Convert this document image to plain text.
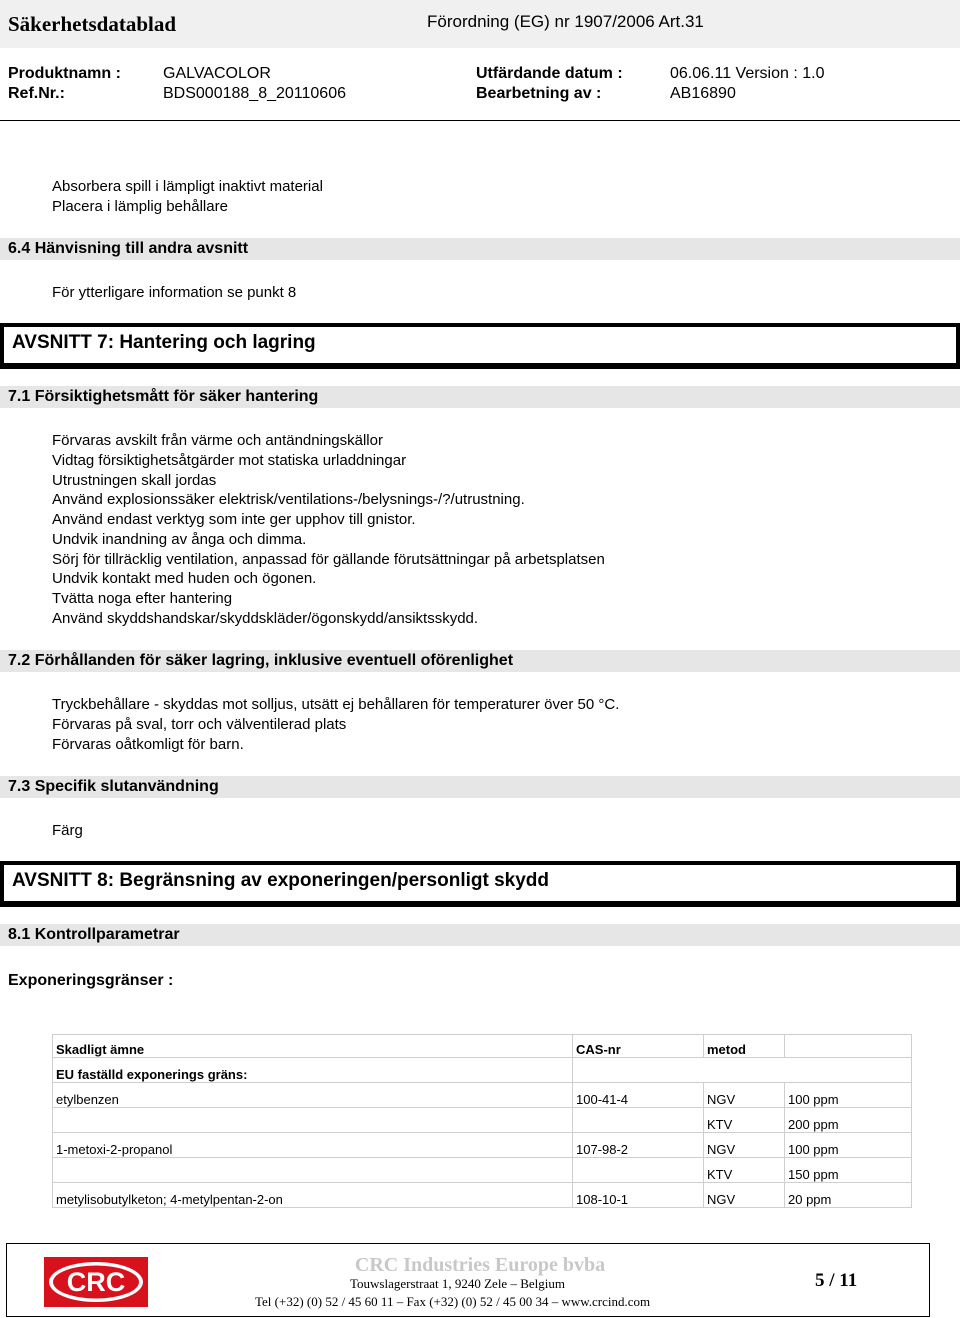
Säkerhetsdatablad	Förordning (EG) nr 1907/2006 Art.31
Produktnamn :	GALVACOLOR	Utfärdande datum :	06.06.11 Version : 1.0
Ref.Nr.:	BDS000188_8_20110606	Bearbetning av :	AB16890
Absorbera spill i lämpligt inaktivt material
Placera i lämplig behållare
6.4 Hänvisning till andra avsnitt
För ytterligare information se punkt 8
AVSNITT 7: Hantering och lagring
7.1 Försiktighetsmått för säker hantering
Förvaras avskilt från värme och antändningskällor
Vidtag försiktighetsåtgärder mot statiska urladdningar
Utrustningen skall jordas
Använd explosionssäker elektrisk/ventilations-/belysnings-/?/utrustning.
Använd endast verktyg som inte ger upphov till gnistor.
Undvik inandning av ånga och dimma.
Sörj för tillräcklig ventilation, anpassad för gällande förutsättningar på arbetsplatsen
Undvik kontakt med huden och ögonen.
Tvätta noga efter hantering
Använd skyddshandskar/skyddskläder/ögonskydd/ansiktsskydd.
7.2 Förhållanden för säker lagring, inklusive eventuell oförenlighet
Tryckbehållare - skyddas mot solljus, utsätt ej behållaren för temperaturer över 50 °C.
Förvaras på sval, torr och välventilerad plats
Förvaras oåtkomligt för barn.
7.3 Specifik slutanvändning
Färg
AVSNITT 8: Begränsning av exponeringen/personligt skydd
8.1 Kontrollparametrar
Exponeringsgränser :
Skadligt ämne	CAS-nr	metod	
EU faställd exponerings gräns:			
etylbenzen	100-41-4	NGV	100 ppm
		KTV	200 ppm
1-metoxi-2-propanol	107-98-2	NGV	100 ppm
		KTV	150 ppm
metylisobutylketon; 4-metylpentan-2-on	108-10-1	NGV	20 ppm
CRC
CRC Industries Europe bvba
Touwslagerstraat 1, 9240 Zele – Belgium
Tel (+32) (0) 52 / 45 60 11 – Fax (+32) (0) 52 / 45 00 34 – www.crcind.com
5 / 11
